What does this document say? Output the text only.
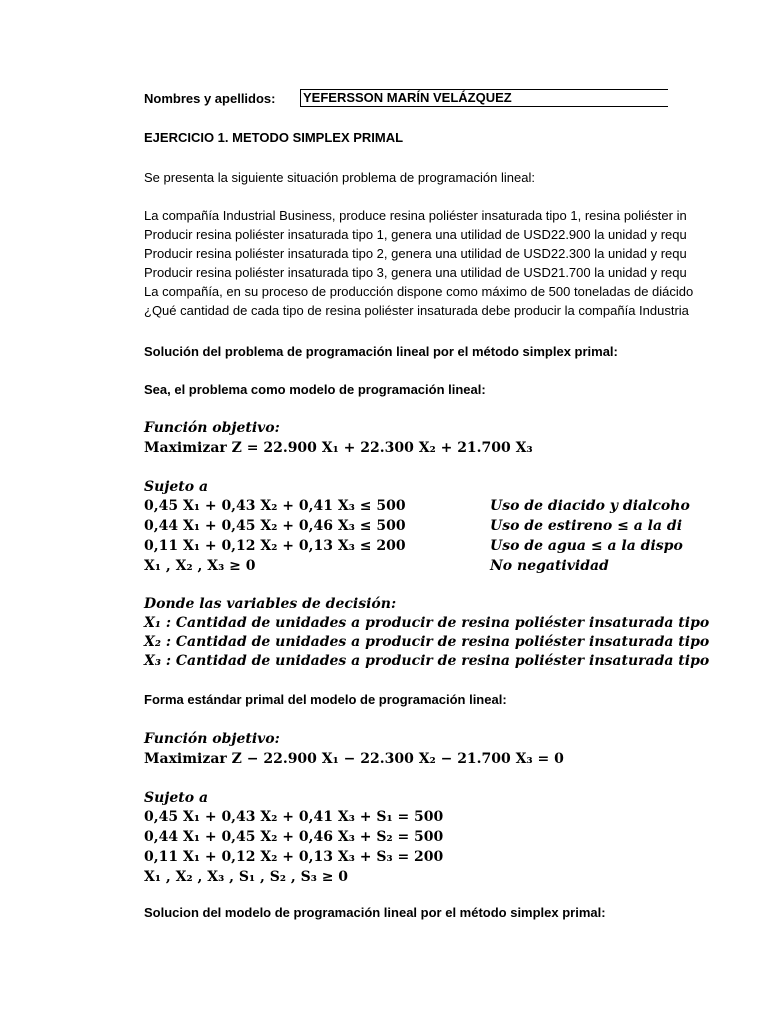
Nombres y apellidos: YEFERSSON MARÍN VELÁZQUEZ
EJERCICIO 1. METODO SIMPLEX PRIMAL
Se presenta la siguiente situación problema de programación lineal:
La compañía Industrial Business, produce resina poliéster insaturada tipo 1, resina poliéster in
Producir resina poliéster insaturada tipo 1, genera una utilidad de USD22.900 la unidad y requ
Producir resina poliéster insaturada tipo 2, genera una utilidad de USD22.300 la unidad y requ
Producir resina poliéster insaturada tipo 3, genera una utilidad de USD21.700 la unidad y requ
La compañía, en su proceso de producción dispone como máximo de 500 toneladas de diácido
¿Qué cantidad de cada tipo de resina poliéster insaturada debe producir la compañía Industria
Solución del problema de programación lineal por el método simplex primal:
Sea, el problema como modelo de programación lineal:
Función objetivo:
Maximizar Z = 22.900 X₁ + 22.300 X₂ + 21.700 X₃
Sujeto a
0,45 X₁ + 0,43 X₂ + 0,41 X₃ ≤ 500	Uso de diacido y dialcoho
0,44 X₁ + 0,45 X₂ + 0,46 X₃ ≤ 500	Uso de estireno ≤ a la di
0,11 X₁ + 0,12 X₂ + 0,13 X₃ ≤ 200	Uso de agua ≤ a la dispo
X₁ , X₂ , X₃ ≥ 0	No negatividad
Donde las variables de decisión:
X₁ : Cantidad de unidades a producir de resina poliéster insaturada tipo
X₂ : Cantidad de unidades a producir de resina poliéster insaturada tipo
X₃ : Cantidad de unidades a producir de resina poliéster insaturada tipo
Forma estándar primal del modelo de programación lineal:
Función objetivo:
Maximizar Z − 22.900 X₁ − 22.300 X₂ − 21.700 X₃ = 0
Sujeto a
0,45 X₁ + 0,43 X₂ + 0,41 X₃ + S₁ = 500
0,44 X₁ + 0,45 X₂ + 0,46 X₃ + S₂ = 500
0,11 X₁ + 0,12 X₂ + 0,13 X₃ + S₃ = 200
X₁ , X₂ , X₃ , S₁ , S₂ , S₃ ≥ 0
Solucion del modelo de programación lineal por el método simplex primal:
